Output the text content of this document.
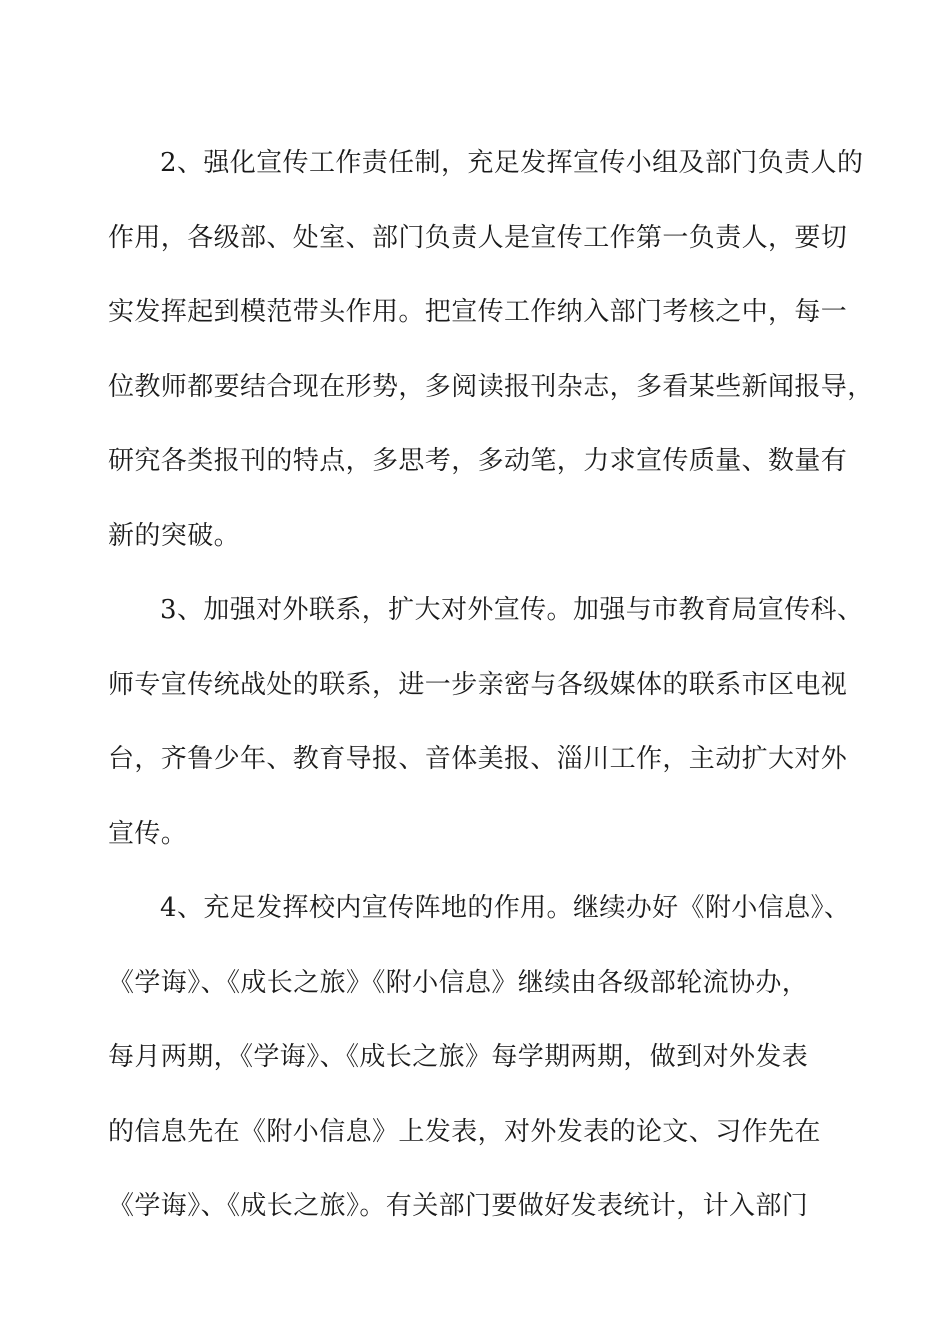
2、强化宣传工作责任制，充足发挥宣传小组及部门负责人的
作用，各级部、处室、部门负责人是宣传工作第一负责人，要切
实发挥起到模范带头作用。把宣传工作纳入部门考核之中，每一
位教师都要结合现在形势，多阅读报刊杂志，多看某些新闻报导，
研究各类报刊的特点，多思考，多动笔，力求宣传质量、数量有
新的突破。

3、加强对外联系，扩大对外宣传。加强与市教育局宣传科、
师专宣传统战处的联系，进一步亲密与各级媒体的联系市区电视
台，齐鲁少年、教育导报、音体美报、淄川工作，主动扩大对外
宣传。

4、充足发挥校内宣传阵地的作用。继续办好《附小信息》、
《学诲》、《成长之旅》《附小信息》继续由各级部轮流协办，
每月两期，《学诲》、《成长之旅》每学期两期，做到对外发表
的信息先在《附小信息》上发表，对外发表的论文、习作先在
《学诲》、《成长之旅》。有关部门要做好发表统计，计入部门
